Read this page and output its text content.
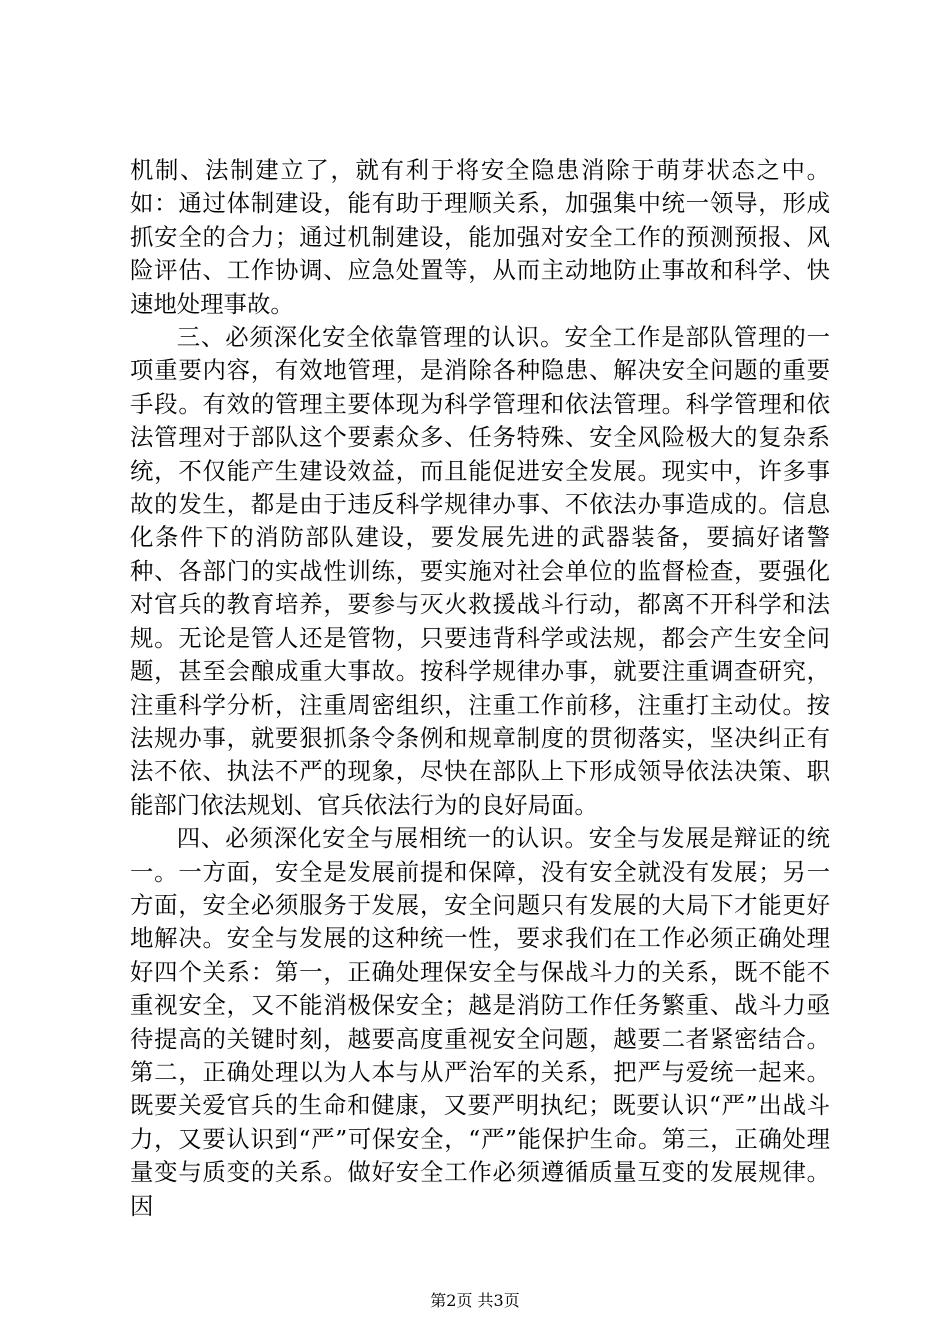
机制、法制建立了，就有利于将安全隐患消除于萌芽状态之中。如：通过体制建设，能有助于理顺关系，加强集中统一领导，形成抓安全的合力；通过机制建设，能加强对安全工作的预测预报、风险评估、工作协调、应急处置等，从而主动地防止事故和科学、快速地处理事故。

三、必须深化安全依靠管理的认识。安全工作是部队管理的一项重要内容，有效地管理，是消除各种隐患、解决安全问题的重要手段。有效的管理主要体现为科学管理和依法管理。科学管理和依法管理对于部队这个要素众多、任务特殊、安全风险极大的复杂系统，不仅能产生建设效益，而且能促进安全发展。现实中，许多事故的发生，都是由于违反科学规律办事、不依法办事造成的。信息化条件下的消防部队建设，要发展先进的武器装备，要搞好诸警种、各部门的实战性训练，要实施对社会单位的监督检查，要强化对官兵的教育培养，要参与灭火救援战斗行动，都离不开科学和法规。无论是管人还是管物，只要违背科学或法规，都会产生安全问题，甚至会酿成重大事故。按科学规律办事，就要注重调查研究，注重科学分析，注重周密组织，注重工作前移，注重打主动仗。按法规办事，就要狠抓条令条例和规章制度的贯彻落实，坚决纠正有法不依、执法不严的现象，尽快在部队上下形成领导依法决策、职能部门依法规划、官兵依法行为的良好局面。

四、必须深化安全与展相统一的认识。安全与发展是辩证的统一。一方面，安全是发展前提和保障，没有安全就没有发展；另一方面，安全必须服务于发展，安全问题只有发展的大局下才能更好地解决。安全与发展的这种统一性，要求我们在工作必须正确处理好四个关系：第一，正确处理保安全与保战斗力的关系，既不能不重视安全，又不能消极保安全；越是消防工作任务繁重、战斗力亟待提高的关键时刻，越要高度重视安全问题，越要二者紧密结合。第二，正确处理以为人本与从严治军的关系，把严与爱统一起来。既要关爱官兵的生命和健康，又要严明执纪；既要认识“严”出战斗力，又要认识到“严”可保安全，“严”能保护生命。第三，正确处理量变与质变的关系。做好安全工作必须遵循质量互变的发展规律。因

第2页 共3页
